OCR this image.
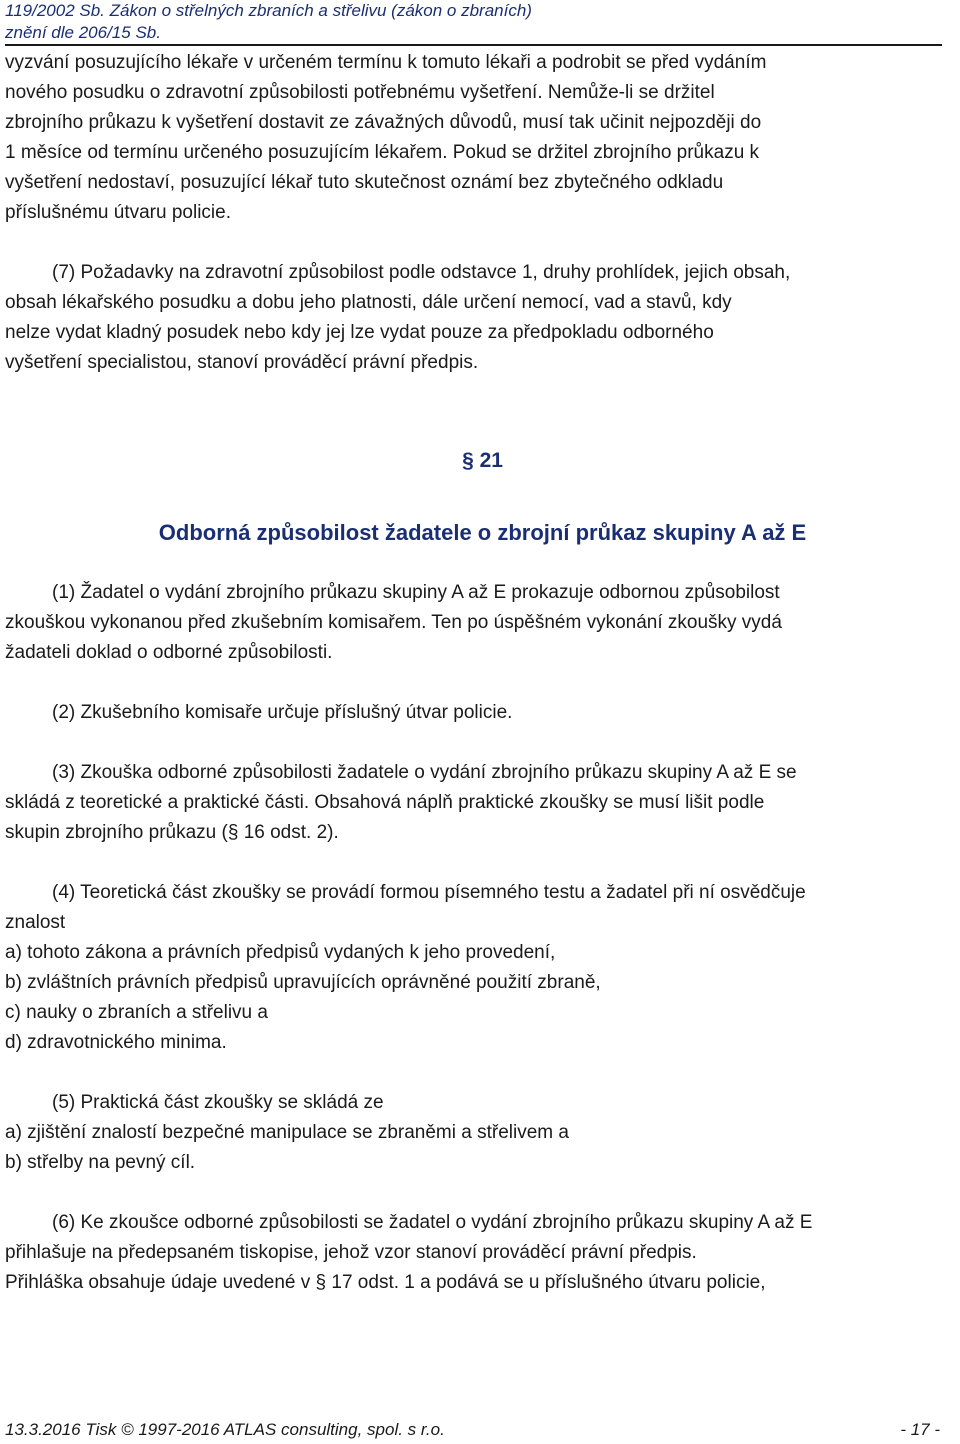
119/2002 Sb. Zákon o střelných zbraních a střelivu (zákon o zbraních)
znění dle 206/15 Sb.

vyzvání posuzujícího lékaře v určeném termínu k tomuto lékaři a podrobit se před vydáním

nového posudku o zdravotní způsobilosti potřebnému vyšetření. Nemůže-li se držitel

zbrojního průkazu k vyšetření dostavit ze závažných důvodů, musí tak učinit nejpozději do

1 měsíce od termínu určeného posuzujícím lékařem. Pokud se držitel zbrojního průkazu k

vyšetření nedostaví, posuzující lékař tuto skutečnost oznámí bez zbytečného odkladu

příslušnému útvaru policie.

(7) Požadavky na zdravotní způsobilost podle odstavce 1, druhy prohlídek, jejich obsah,

obsah lékařského posudku a dobu jeho platnosti, dále určení nemocí, vad a stavů, kdy

nelze vydat kladný posudek nebo kdy jej lze vydat pouze za předpokladu odborného

vyšetření specialistou, stanoví prováděcí právní předpis.

§ 21

Odborná způsobilost žadatele o zbrojní průkaz skupiny A až E

(1) Žadatel o vydání zbrojního průkazu skupiny A až E prokazuje odbornou způsobilost

zkouškou vykonanou před zkušebním komisařem. Ten po úspěšném vykonání zkoušky vydá

žadateli doklad o odborné způsobilosti.

(2) Zkušebního komisaře určuje příslušný útvar policie.

(3) Zkouška odborné způsobilosti žadatele o vydání zbrojního průkazu skupiny A až E se

skládá z teoretické a praktické části. Obsahová náplň praktické zkoušky se musí lišit podle

skupin zbrojního průkazu (§ 16 odst. 2).

(4) Teoretická část zkoušky se provádí formou písemného testu a žadatel při ní osvědčuje

znalost

a) tohoto zákona a právních předpisů vydaných k jeho provedení,

b) zvláštních právních předpisů upravujících oprávněné použití zbraně,

c) nauky o zbraních a střelivu a

d) zdravotnického minima.

(5) Praktická část zkoušky se skládá ze

a) zjištění znalostí bezpečné manipulace se zbraněmi a střelivem a

b) střelby na pevný cíl.

(6) Ke zkoušce odborné způsobilosti se žadatel o vydání zbrojního průkazu skupiny A až E

přihlašuje na předepsaném tiskopise, jehož vzor stanoví prováděcí právní předpis.

Přihláška obsahuje údaje uvedené v § 17 odst. 1 a podává se u příslušného útvaru policie,

13.3.2016 Tisk © 1997-2016 ATLAS consulting, spol. s r.o.	- 17 -
